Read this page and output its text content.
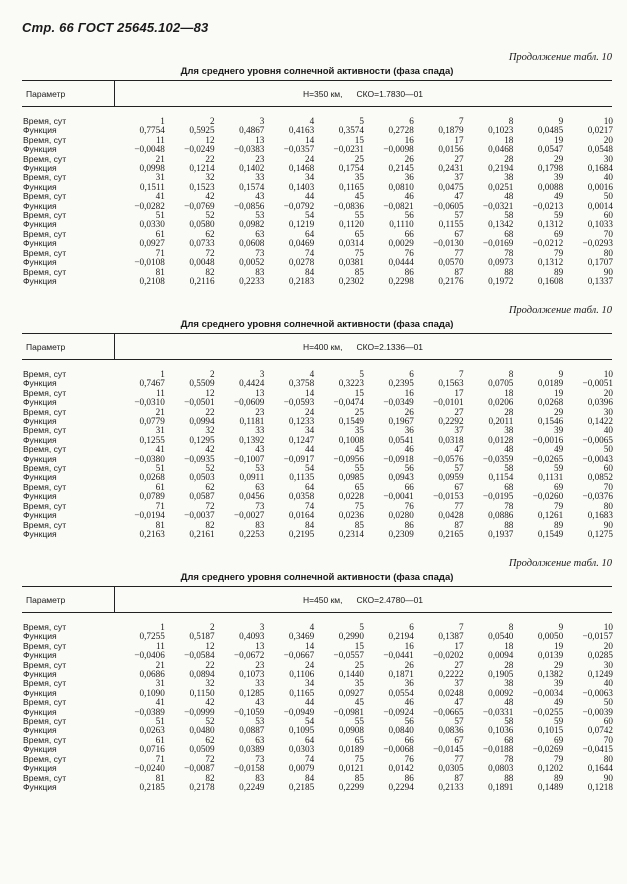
Стр. 66 ГОСТ 25645.102—83
Продолжение табл. 10
Для среднего уровня солнечной активности (фаза спада)
Параметр	H=350 км, СКО=1.7830—01
Время, сут	1	2	3	4	5	6	7	8	9	10
Функция	0,7754	0,5925	0,4867	0,4163	0,3574	0,2728	0,1879	0,1023	0,0485	0,0217
Время, сут	11	12	13	14	15	16	17	18	19	20
Функция	−0,0048	−0,0249	−0,0383	−0,0357	−0,0231	−0,0098	0,0156	0,0468	0,0547	0,0548
Время, сут	21	22	23	24	25	26	27	28	29	30
Функция	0,0998	0,1214	0,1402	0,1468	0,1754	0,2145	0,2431	0,2194	0,1798	0,1684
Время, сут	31	32	33	34	35	36	37	38	39	40
Функция	0,1511	0,1523	0,1574	0,1403	0,1165	0,0810	0,0475	0,0251	0,0088	0,0016
Время, сут	41	42	43	44	45	46	47	48	49	50
Функция	−0,0282	−0,0769	−0,0856	−0,0792	−0,0836	−0,0821	−0,0605	−0,0321	−0,0213	0,0014
Время, сут	51	52	53	54	55	56	57	58	59	60
Функция	0,0330	0,0580	0,0982	0,1219	0,1120	0,1110	0,1155	0,1342	0,1312	0,1033
Время, сут	61	62	63	64	65	66	67	68	69	70
Функция	0,0927	0,0733	0,0608	0,0469	0,0314	0,0029	−0,0130	−0,0169	−0,0212	−0,0293
Время, сут	71	72	73	74	75	76	77	78	79	80
Функция	−0,0108	0,0048	0,0052	0,0278	0,0381	0,0444	0,0570	0,0973	0,1312	0,1707
Время, сут	81	82	83	84	85	86	87	88	89	90
Функция	0,2108	0,2116	0,2233	0,2183	0,2302	0,2298	0,2176	0,1972	0,1608	0,1337
Продолжение табл. 10
Для среднего уровня солнечной активности (фаза спада)
Параметр	H=400 км, СКО=2.1336—01
Время, сут	1	2	3	4	5	6	7	8	9	10
Функция	0,7467	0,5509	0,4424	0,3758	0,3223	0,2395	0,1563	0,0705	0,0189	−0,0051
Время, сут	11	12	13	14	15	16	17	18	19	20
Функция	−0,0310	−0,0501	−0,0609	−0,0593	−0,0474	−0,0349	−0,0101	0,0206	0,0268	0,0396
Время, сут	21	22	23	24	25	26	27	28	29	30
Функция	0,0779	0,0994	0,1181	0,1233	0,1549	0,1967	0,2292	0,2011	0,1546	0,1422
Время, сут	31	32	33	34	35	36	37	38	39	40
Функция	0,1255	0,1295	0,1392	0,1247	0,1008	0,0541	0,0318	0,0128	−0,0016	−0,0065
Время, сут	41	42	43	44	45	46	47	48	49	50
Функция	−0,0380	−0,0935	−0,1007	−0,0917	−0,0956	−0,0918	−0,0576	−0,0359	−0,0265	−0,0043
Время, сут	51	52	53	54	55	56	57	58	59	60
Функция	0,0268	0,0503	0,0911	0,1135	0,0985	0,0943	0,0959	0,1154	0,1131	0,0852
Время, сут	61	62	63	64	65	66	67	68	69	70
Функция	0,0789	0,0587	0,0456	0,0358	0,0228	−0,0041	−0,0153	−0,0195	−0,0260	−0,0376
Время, сут	71	72	73	74	75	76	77	78	79	80
Функция	−0,0194	−0,0037	−0,0027	0,0164	0,0236	0,0280	0,0428	0,0886	0,1261	0,1683
Время, сут	81	82	83	84	85	86	87	88	89	90
Функция	0,2163	0,2161	0,2253	0,2195	0,2314	0,2309	0,2165	0,1937	0,1549	0,1275
Продолжение табл. 10
Для среднего уровня солнечной активности (фаза спада)
Параметр	H=450 км, СКО=2.4780—01
Время, сут	1	2	3	4	5	6	7	8	9	10
Функция	0,7255	0,5187	0,4093	0,3469	0,2990	0,2194	0,1387	0,0540	0,0050	−0,0157
Время, сут	11	12	13	14	15	16	17	18	19	20
Функция	−0,0406	−0,0584	−0,0672	−0,0667	−0,0557	−0,0441	−0,0202	0,0094	0,0139	0,0285
Время, сут	21	22	23	24	25	26	27	28	29	30
Функция	0,0686	0,0894	0,1073	0,1106	0,1440	0,1871	0,2222	0,1905	0,1382	0,1249
Время, сут	31	32	33	34	35	36	37	38	39	40
Функция	0,1090	0,1150	0,1285	0,1165	0,0927	0,0554	0,0248	0,0092	−0,0034	−0,0063
Время, сут	41	42	43	44	45	46	47	48	49	50
Функция	−0,0389	−0,0999	−0,1059	−0,0949	−0,0981	−0,0924	−0,0665	−0,0331	−0,0255	−0,0039
Время, сут	51	52	53	54	55	56	57	58	59	60
Функция	0,0263	0,0480	0,0887	0,1095	0,0908	0,0840	0,0836	0,1036	0,1015	0,0742
Время, сут	61	62	63	64	65	66	67	68	69	70
Функция	0,0716	0,0509	0,0389	0,0303	0,0189	−0,0068	−0,0145	−0,0188	−0,0269	−0,0415
Время, сут	71	72	73	74	75	76	77	78	79	80
Функция	−0,0240	−0,0087	−0,0158	0,0079	0,0121	0,0142	0,0305	0,0803	0,1202	0,1644
Время, сут	81	82	83	84	85	86	87	88	89	90
Функция	0,2185	0,2178	0,2249	0,2185	0,2299	0,2294	0,2133	0,1891	0,1489	0,1218
